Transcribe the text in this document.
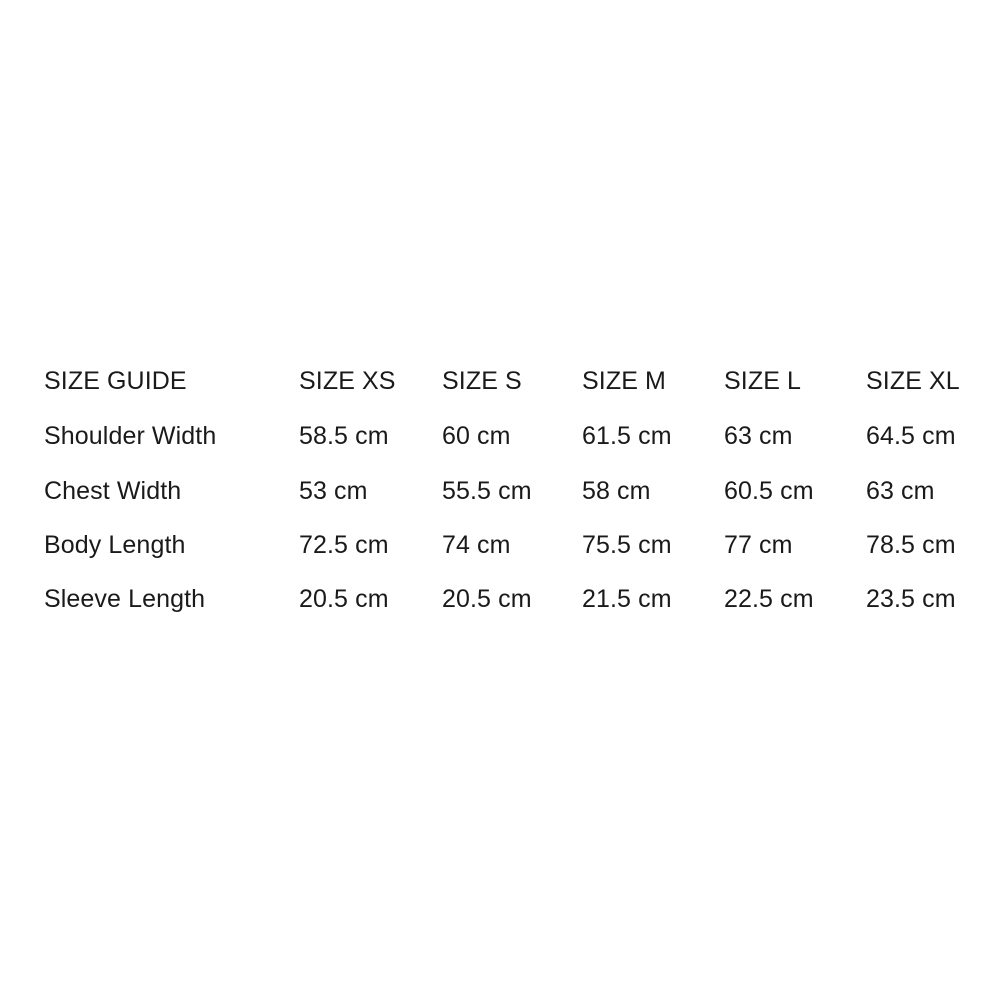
SIZE GUIDE	SIZE XS	SIZE S	SIZE M	SIZE L	SIZE XL
Shoulder Width	58.5 cm	60 cm	61.5 cm	63 cm	64.5 cm
Chest Width	53 cm	55.5 cm	58 cm	60.5 cm	63 cm
Body Length	72.5 cm	74 cm	75.5 cm	77 cm	78.5 cm
Sleeve Length	20.5 cm	20.5 cm	21.5 cm	22.5 cm	23.5 cm
